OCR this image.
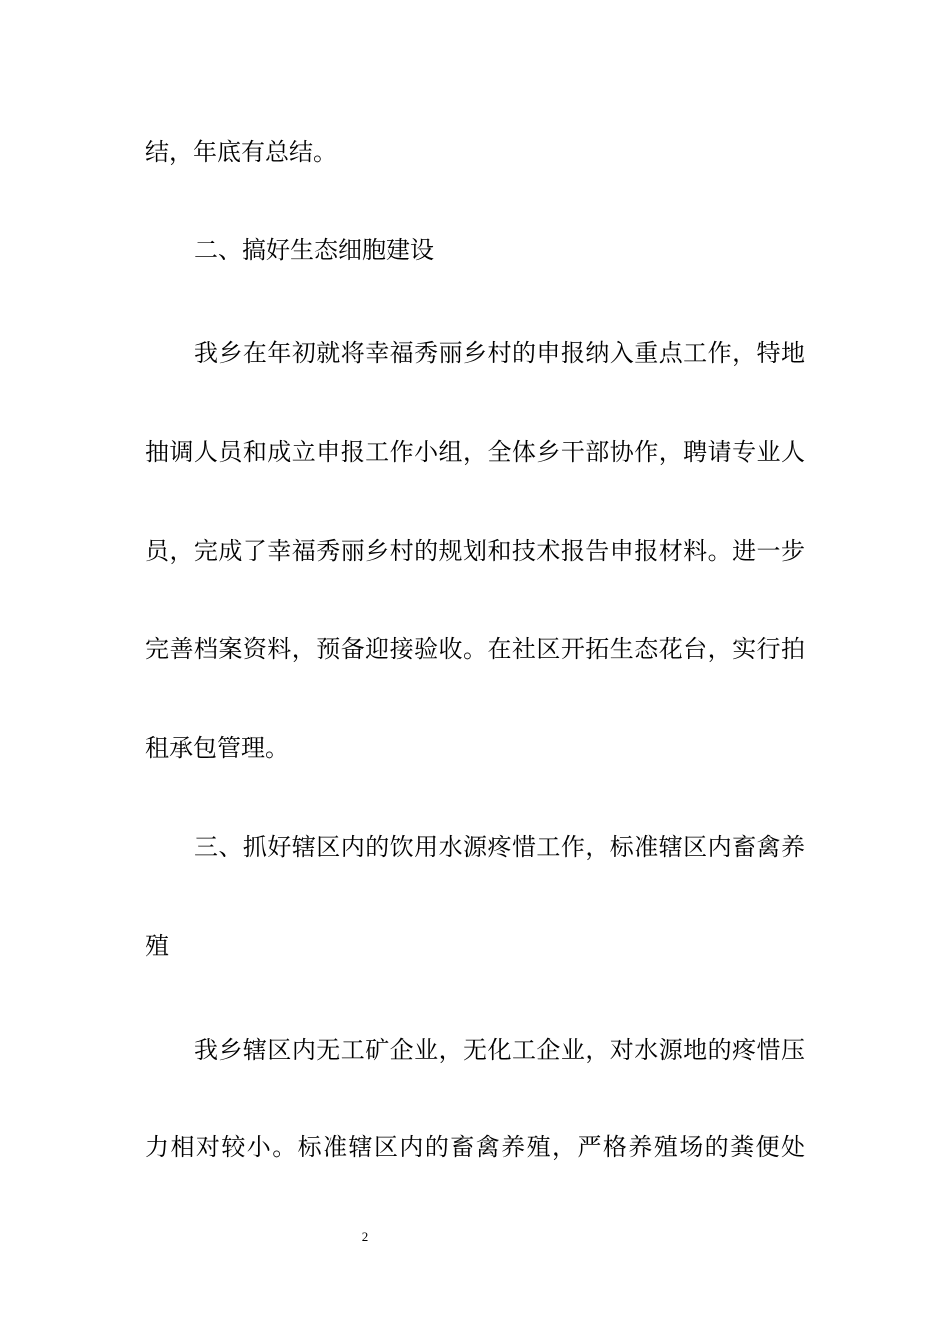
结，年底有总结。

二、搞好生态细胞建设

我乡在年初就将幸福秀丽乡村的申报纳入重点工作，特地

抽调人员和成立申报工作小组，全体乡干部协作，聘请专业人

员，完成了幸福秀丽乡村的规划和技术报告申报材料。进一步

完善档案资料，预备迎接验收。在社区开拓生态花台，实行拍

租承包管理。

三、抓好辖区内的饮用水源疼惜工作，标准辖区内畜禽养

殖

我乡辖区内无工矿企业，无化工企业，对水源地的疼惜压

力相对较小。标准辖区内的畜禽养殖，严格养殖场的粪便处

2
